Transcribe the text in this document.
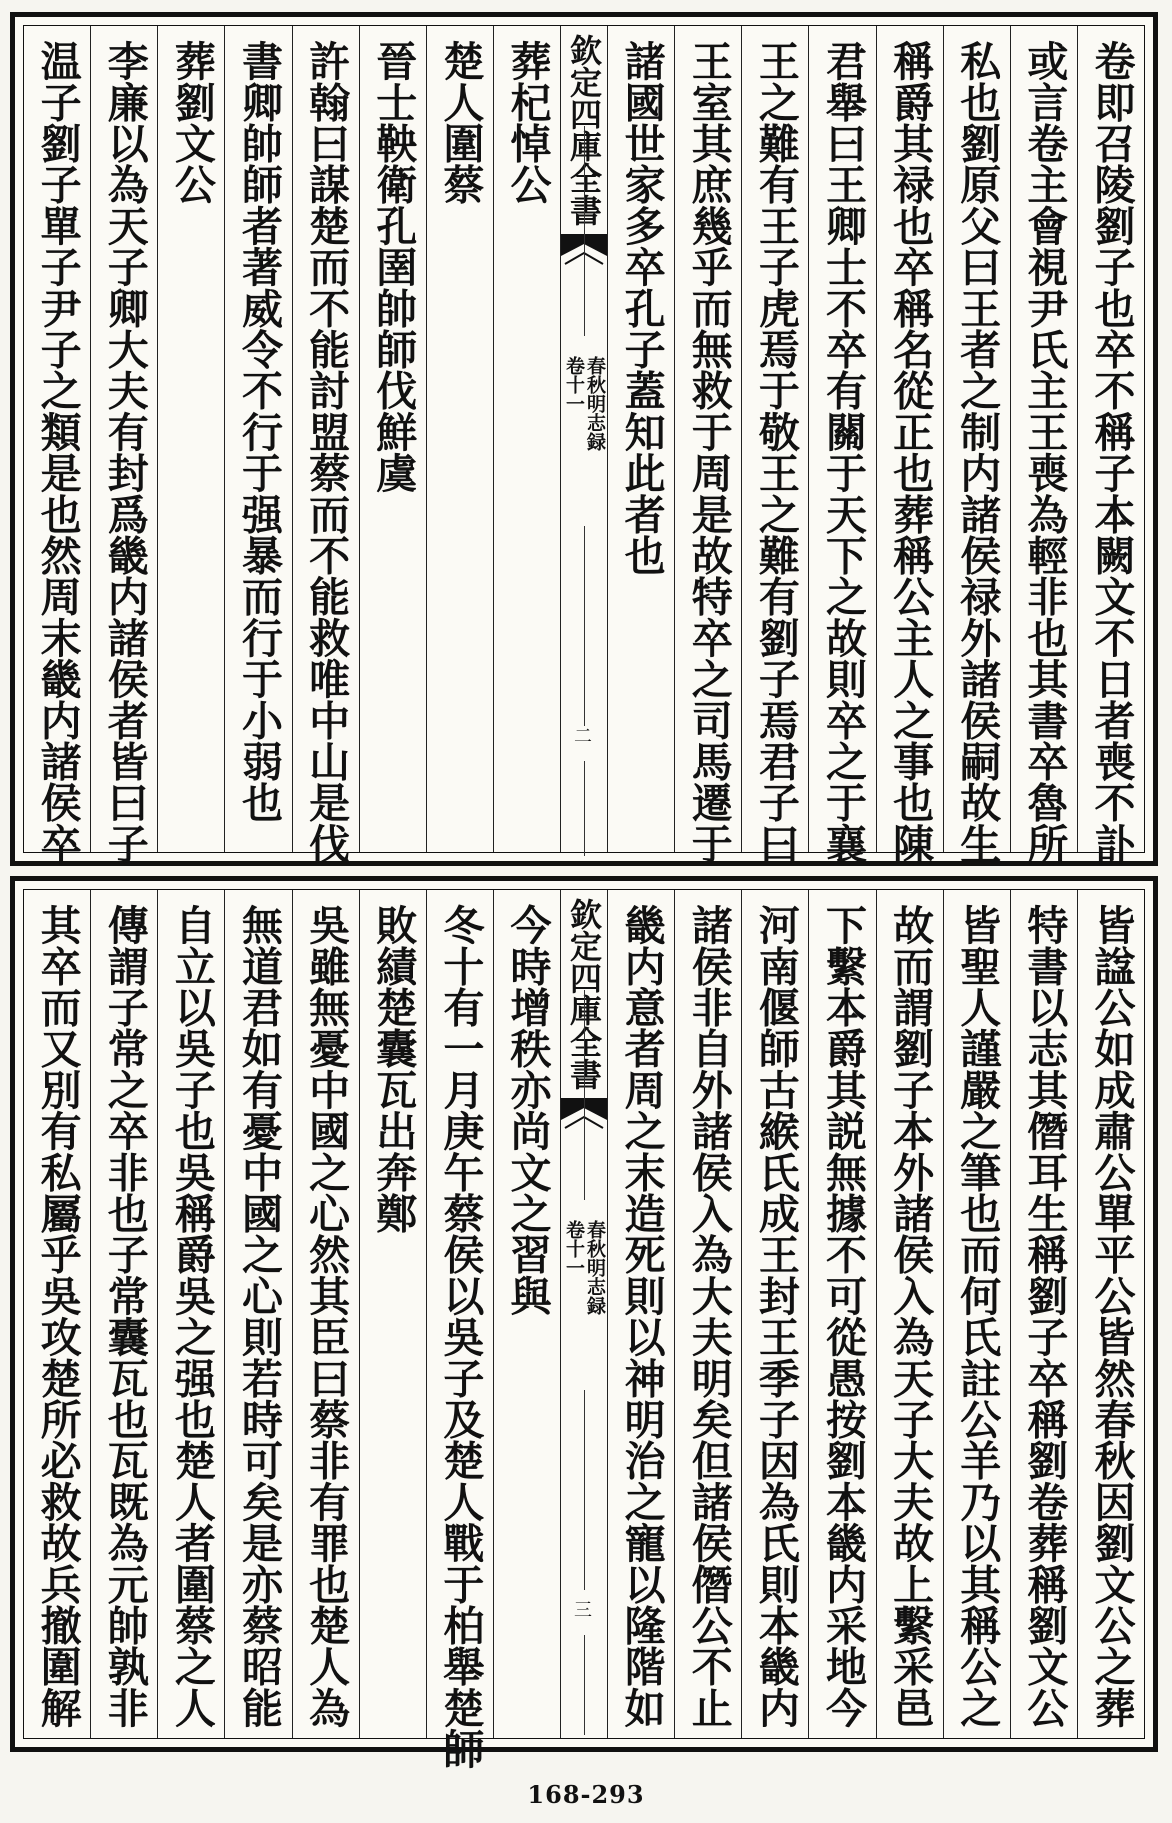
卷即召陵劉子也卒不稱子本闕文不日者喪不訃
或言卷主會視尹氏主王喪為輕非也其書卒魯所
私也劉原父曰王者之制内諸侯禄外諸侯嗣故生
稱爵其禄也卒稱名從正也葬稱公主人之事也陳
君舉曰王卿士不卒有關于天下之故則卒之于襄
王之難有王子虎焉于敬王之難有劉子焉君子曰
王室其庶幾乎而無救于周是故特卒之司馬遷于
諸國世家多卒孔子蓋知此者也
欽定四庫全書
春秋明志録
卷十一
二
葬杞悼公
楚人圍蔡
晉士鞅衛孔圉帥師伐鮮虞
許翰曰謀楚而不能討盟蔡而不能救唯中山是伐
書卿帥師者著威令不行于强暴而行于小弱也
葬劉文公
李廉以為天子卿大夫有封爲畿内諸侯者皆曰子
温子劉子單子尹子之類是也然周末畿内諸侯卒
皆諡公如成肅公單平公皆然春秋因劉文公之葬
特書以志其僭耳生稱劉子卒稱劉卷葬稱劉文公
皆聖人謹嚴之筆也而何氏註公羊乃以其稱公之
故而謂劉子本外諸侯入為天子大夫故上繫采邑
下繫本爵其説無據不可從愚按劉本畿内采地今
河南偃師古緱氏成王封王季子因為氏則本畿内
諸侯非自外諸侯入為大夫明矣但諸侯僭公不止
畿内意者周之末造死則以神明治之寵以隆階如
欽定四庫全書
春秋明志録
卷十一
三
今時增秩亦尚文之習與
冬十有一月庚午蔡侯以吳子及楚人戰于柏舉楚師
敗績楚囊瓦出奔鄭
吳雖無憂中國之心然其臣曰蔡非有罪也楚人為
無道君如有憂中國之心則若時可矣是亦蔡昭能
自立以吳子也吳稱爵吳之强也楚人者圍蔡之人
傳謂子常之卒非也子常囊瓦也瓦既為元帥孰非
其卒而又別有私屬乎吳攻楚所必救故兵撤圍解
168-293
